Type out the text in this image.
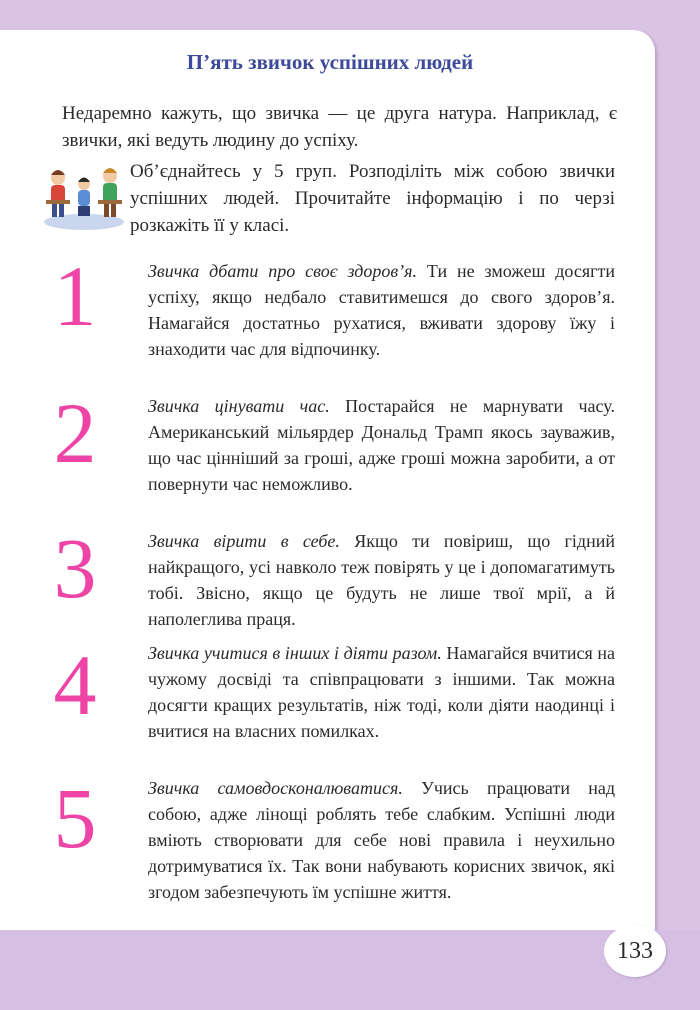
П’ять звичок успішних людей
Недаремно кажуть, що звичка — це друга натура. Наприклад, є звички, які ведуть людину до успіху.
Об’єднайтесь у 5 груп. Розподіліть між собою звички успішних людей. Прочитайте інформацію і по черзі розкажіть її у класі.
1	Звичка дбати про своє здоров’я. Ти не зможеш досягти успіху, якщо недбало ставитимешся до свого здоров’я. Намагайся достатньо рухатися, вживати здорову їжу і знаходити час для відпочинку.
2	Звичка цінувати час. Постарайся не марнувати часу. Американський мільярдер Дональд Трамп якось зауважив, що час цінніший за гроші, адже гроші можна заробити, а от повернути час неможливо.
3	Звичка вірити в себе. Якщо ти повіриш, що гідний найкращого, усі навколо теж повірять у це і допомагатимуть тобі. Звісно, якщо це будуть не лише твої мрії, а й наполеглива праця.
4	Звичка учитися в інших і діяти разом. Намагайся вчитися на чужому досвіді та співпрацювати з іншими. Так можна досягти кращих результатів, ніж тоді, коли діяти наодинці і вчитися на власних помилках.
5	Звичка самовдосконалюватися. Учись працювати над собою, адже лінощі роблять тебе слабким. Успішні люди вміють створювати для себе нові правила і неухильно дотримуватися їх. Так вони набувають корисних звичок, які згодом забезпечують їм успішне життя.
133
